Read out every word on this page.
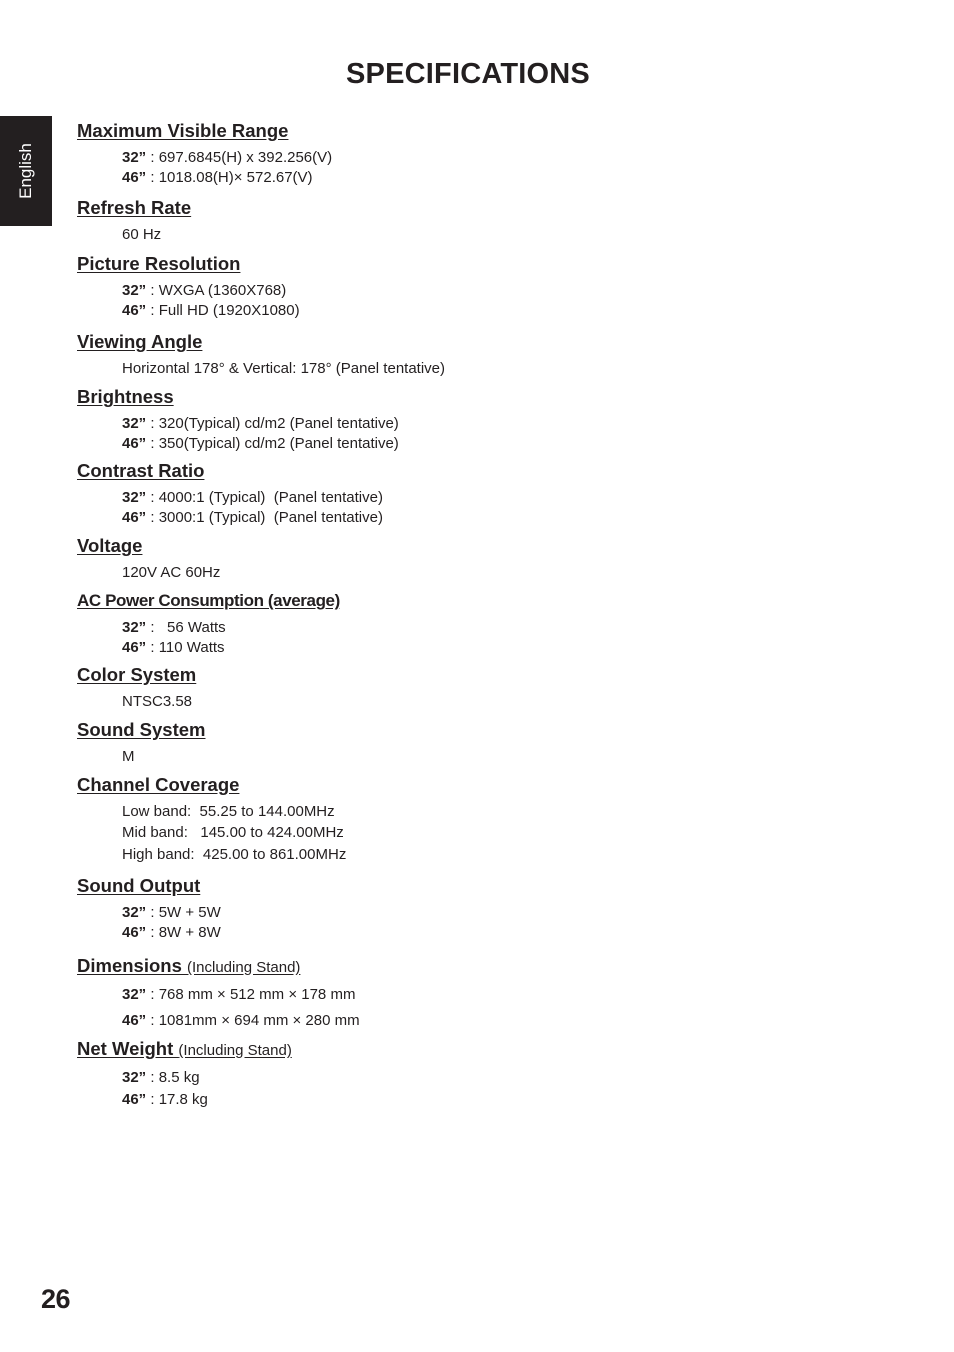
SPECIFICATIONS
English
Maximum Visible Range
32” : 697.6845(H) x 392.256(V)
46” : 1018.08(H)× 572.67(V)
Refresh Rate
60 Hz
Picture Resolution
32” : WXGA (1360X768)
46” : Full HD (1920X1080)
Viewing Angle
Horizontal 178° & Vertical: 178° (Panel tentative)
Brightness
32” : 320(Typical) cd/m2 (Panel tentative)
46” : 350(Typical) cd/m2 (Panel tentative)
Contrast Ratio
32” : 4000:1 (Typical)  (Panel tentative)
46” : 3000:1 (Typical)  (Panel tentative)
Voltage
120V AC 60Hz
AC Power Consumption (average)
32” :   56 Watts
46” : 110 Watts
Color System
NTSC3.58
Sound System
M
Channel Coverage
Low band:  55.25 to 144.00MHz
Mid band:   145.00 to 424.00MHz
High band:  425.00 to 861.00MHz
Sound Output
32” : 5W + 5W
46” : 8W + 8W
Dimensions (Including Stand)
32” : 768 mm × 512 mm × 178 mm
46” : 1081mm × 694 mm × 280 mm
Net Weight (Including Stand)
32” : 8.5 kg
46” : 17.8 kg
26
